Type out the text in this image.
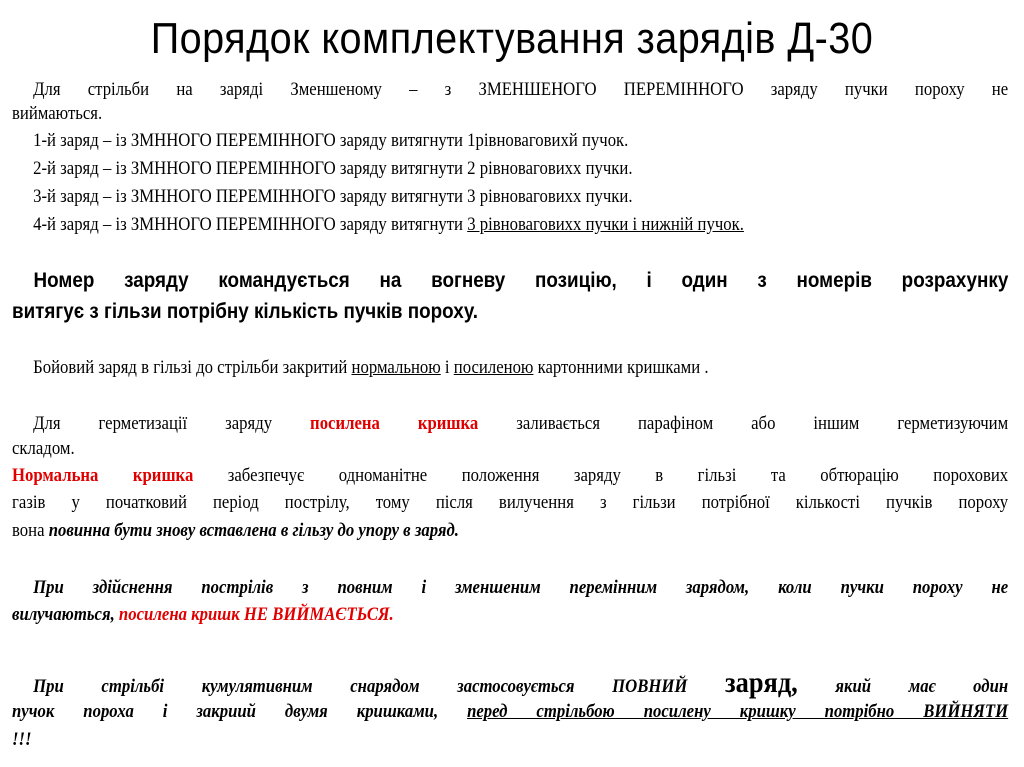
Порядок комплектування зарядів Д-30
Для стрільби на заряді Зменшеному – з ЗМЕНШЕНОГО ПЕРЕМІННОГО заряду пучки пороху не
виймаються.
1-й заряд – із ЗМННОГО ПЕРЕМІННОГО заряду витягнути 1рівноваговихй пучок.
2-й заряд – із ЗМННОГО ПЕРЕМІННОГО заряду витягнути 2 рівноваговихх пучки.
3-й заряд – із ЗМННОГО ПЕРЕМІННОГО заряду витягнути 3 рівноваговихх пучки.
4-й заряд – із ЗМННОГО ПЕРЕМІННОГО заряду витягнути 3 рівноваговихх пучки і нижній пучок.
Номер заряду командується на вогневу позицію, і один з номерів розрахунку
витягує з гільзи потрібну кількість пучків пороху.
Бойовий заряд в гільзі до стрільби закритий нормальною і посиленою картонними кришками .
Для герметизації заряду посилена кришка заливається парафіном або іншим герметизуючим
складом.
Нормальна кришка забезпечує одноманітне положення заряду в гільзі та обтюрацію порохових
газів у початковий період пострілу, тому після вилучення з гільзи потрібної кількості пучків пороху
вона повинна бути знову вставлена в гільзу до упору в заряд.
При здійснення пострілів з повним і зменшеним перемінним зарядом, коли пучки пороху не
вилучаються, посилена кришк НЕ ВИЙМАЄТЬСЯ.
При стрільбі кумулятивним снарядом застосовується ПОВНИЙ заряд, який має один
пучок пороха і закриий двумя кришками, перед стрільбою посилену кришку потрібно ВИЙНЯТИ
!!!
